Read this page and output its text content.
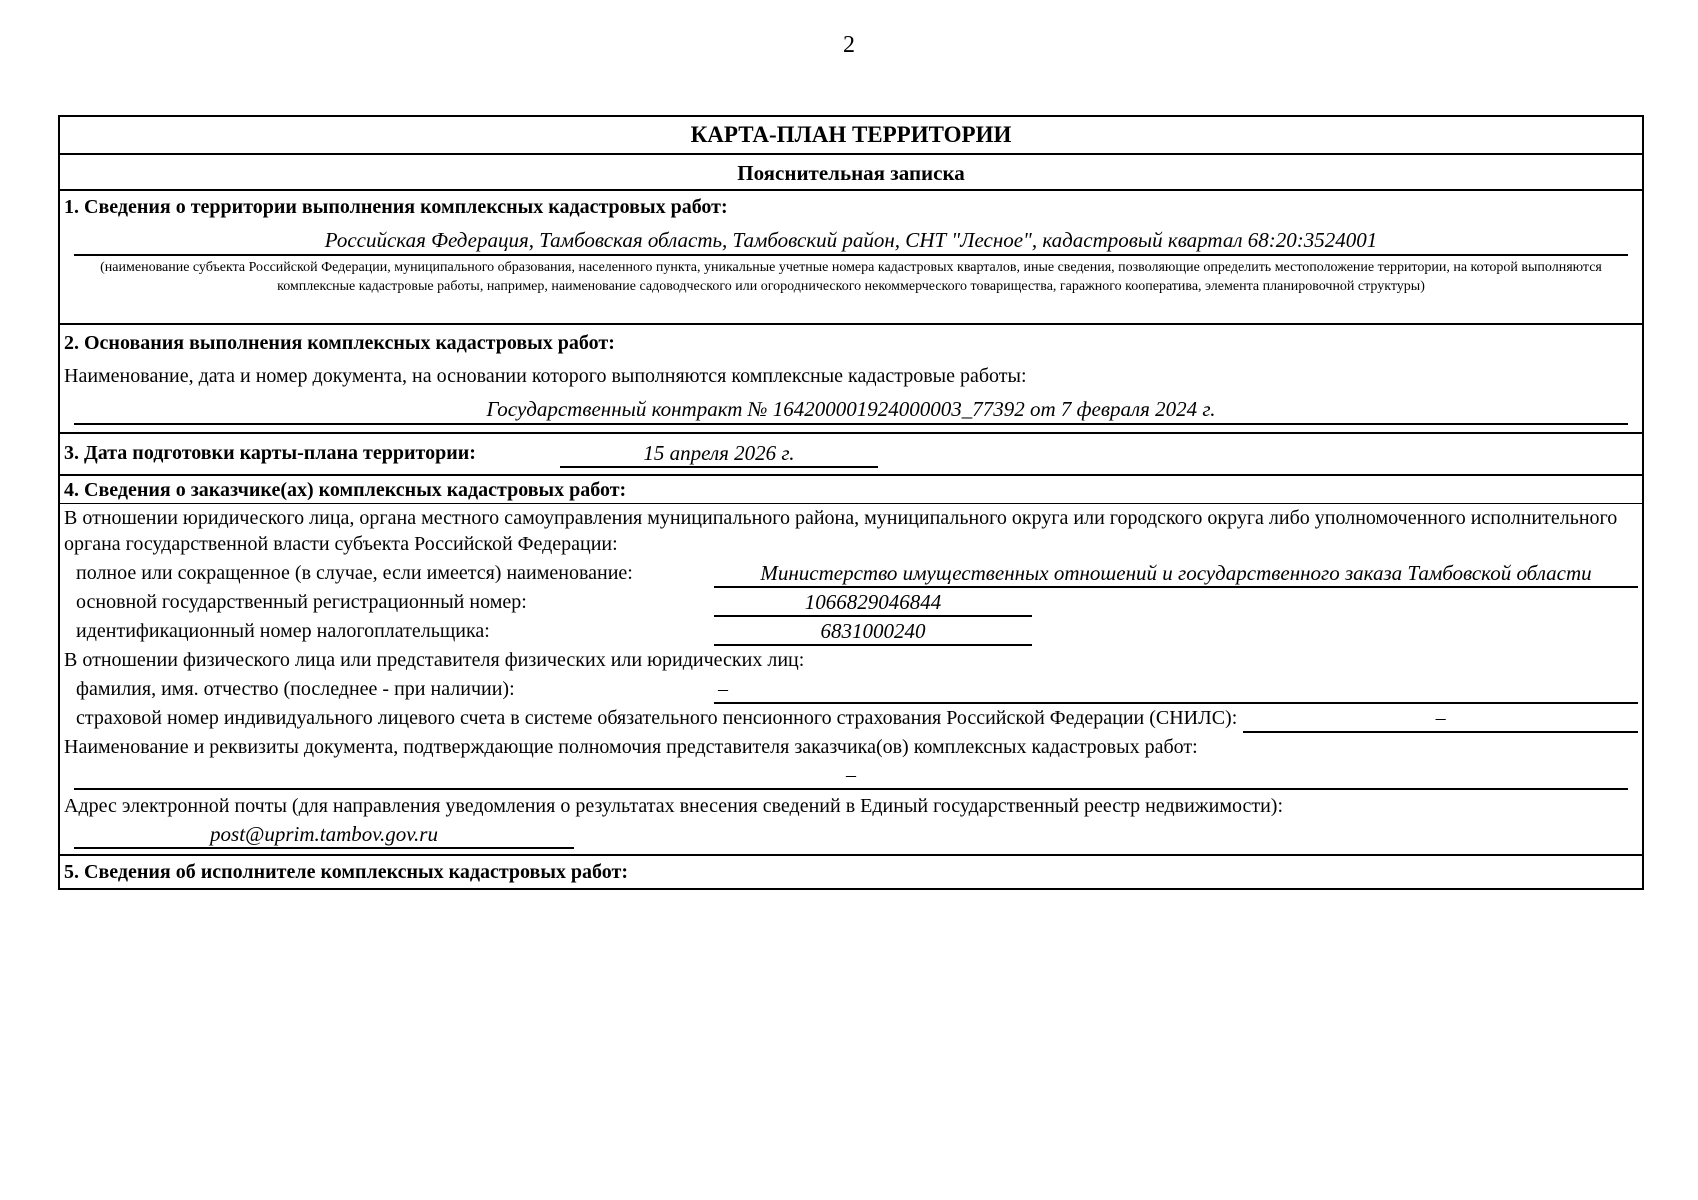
2
КАРТА-ПЛАН ТЕРРИТОРИИ
Пояснительная записка
1. Сведения о территории выполнения комплексных кадастровых работ:
Российская Федерация, Тамбовская область, Тамбовский район, СНТ "Лесное", кадастровый квартал 68:20:3524001
(наименование субъекта Российской Федерации, муниципального образования, населенного пункта, уникальные учетные номера кадастровых кварталов, иные сведения, позволяющие определить местоположение территории, на которой выполняются комплексные кадастровые работы, например, наименование садоводческого или огороднического некоммерческого товарищества, гаражного кооператива, элемента планировочной структуры)
2. Основания выполнения комплексных кадастровых работ:
Наименование, дата и номер документа, на основании которого выполняются комплексные кадастровые работы:
Государственный контракт № 164200001924000003_77392 от 7 февраля 2024 г.
3. Дата подготовки карты-плана территории:	15 апреля 2026 г.
4. Сведения о заказчике(ах) комплексных кадастровых работ:
В отношении юридического лица, органа местного самоуправления муниципального района, муниципального округа или городского округа либо уполномоченного исполнительного органа государственной власти субъекта Российской Федерации:
полное или сокращенное (в случае, если имеется) наименование:	Министерство имущественных отношений и государственного заказа Тамбовской области
основной государственный регистрационный номер:	1066829046844
идентификационный номер налогоплательщика:	6831000240
В отношении физического лица или представителя физических или юридических лиц:
фамилия, имя. отчество (последнее - при наличии):	–
страховой номер индивидуального лицевого счета в системе обязательного пенсионного страхования Российской Федерации (СНИЛС):	–
Наименование и реквизиты документа, подтверждающие полномочия представителя заказчика(ов) комплексных кадастровых работ:
–
Адрес электронной почты (для направления уведомления о результатах внесения сведений в Единый государственный реестр недвижимости):
post@uprim.tambov.gov.ru
5. Сведения об исполнителе комплексных кадастровых работ:
